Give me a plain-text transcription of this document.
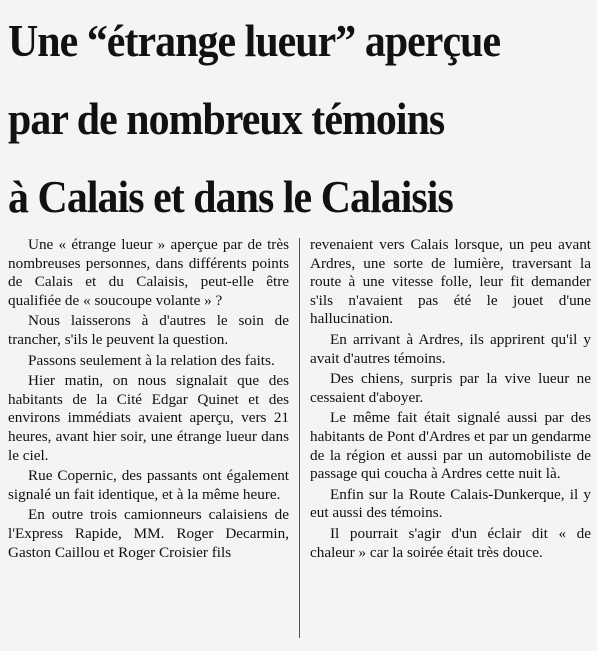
Une “étrange lueur” aperçue
par de nombreux témoins
à Calais et dans le Calaisis

Une « étrange lueur » aperçue par de très nombreuses personnes, dans différents points de Calais et du Calaisis, peut-elle être qualifiée de « soucoupe volante » ?

Nous laisserons à d'autres le soin de trancher, s'ils le peuvent la question.

Passons seulement à la relation des faits.

Hier matin, on nous signalait que des habitants de la Cité Edgar Quinet et des environs immédiats avaient aperçu, vers 21 heures, avant hier soir, une étrange lueur dans le ciel.

Rue Copernic, des passants ont également signalé un fait identique, et à la même heure.

En outre trois camionneurs calaisiens de l'Express Rapide, MM. Roger Decarmin, Gaston Caillou et Roger Croisier fils

revenaient vers Calais lorsque, un peu avant Ardres, une sorte de lumière, traversant la route à une vitesse folle, leur fit demander s'ils n'avaient pas été le jouet d'une hallucination.

En arrivant à Ardres, ils apprirent qu'il y avait d'autres témoins.

Des chiens, surpris par la vive lueur ne cessaient d'aboyer.

Le même fait était signalé aussi par des habitants de Pont d'Ardres et par un gendarme de la région et aussi par un automobiliste de passage qui coucha à Ardres cette nuit là.

Enfin sur la Route Calais-Dunkerque, il y eut aussi des témoins.

Il pourrait s'agir d'un éclair dit « de chaleur » car la soirée était très douce.
